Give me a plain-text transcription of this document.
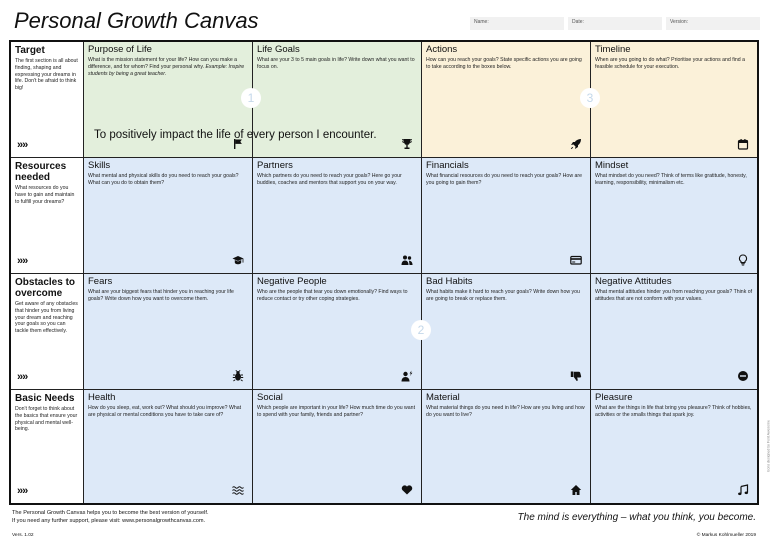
Personal Growth Canvas	Name:	Date:	Version:
Target
The first section is all about finding, shaping and expressing your dreams in life. Don't be afraid to think big!
»»
Purpose of Life
What is the mission statement for your life? How can you make a difference, and for whom? Find your personal why. Example: Inspire students by being a great teacher.
Life Goals
What are your 3 to 5 main goals in life? Write down what you want to focus on.
Actions
How can you reach your goals? State specific actions you are going to take according to the boxes below.
Timeline
When are you going to do what? Prioritise your actions and find a feasible schedule for your execution.
Resources needed
What resources do you have to gain and maintain to fulfill your dreams?
»»
Skills
What mental and physical skills do you need to reach your goals? What can you do to obtain them?
Partners
Which partners do you need to reach your goals? Here go your buddies, coaches and mentors that support you on your way.
Financials
What financial resources do you need to reach your goals? How are you going to gain them?
Mindset
What mindset do you need? Think of terms like gratitude, honesty, learning, responsibility, minimalism etc.
Obstacles to overcome
Get aware of any obstacles that hinder you from living your dream and reaching your goals so you can tackle them effectively.
»»
Fears
What are your biggest fears that hinder you in reaching your life goals? Write down how you want to overcome them.
Negative People
Who are the people that tear you down emotionally? Find ways to reduce contact or try other coping strategies.
Bad Habits
What habits make it hard to reach your goals? Write down how you are going to break or replace them.
Negative Attitudes
What mental attitudes hinder you from reaching your goals? Think of attitudes that are not conform with your values.
Basic Needs
Don't forget to think about the basics that ensure your physical and mental well-being.
»»
Health
How do you sleep, eat, work out? What should you improve? What are physical or mental conditions you have to take care of?
Social
Which people are important in your life? How much time do you want to spend with your family, friends and partner?
Material
What material things do you need in life? How are you living and how do you want to live?
Pleasure
What are the things in life that bring you pleasure? Think of hobbies, activities or the smalls things that spark joy.
1
2
3
To positively impact the life of every person I encounter.
The Personal Growth Canvas helps you to become the best version of yourself.
If you need any further support, please visit: www.personalgrowthcanvas.com.
Vers. 1.02
The mind is everything – what you think, you become.
© Markus Kohlmueller 2019
Icons designed by Font Awesome
